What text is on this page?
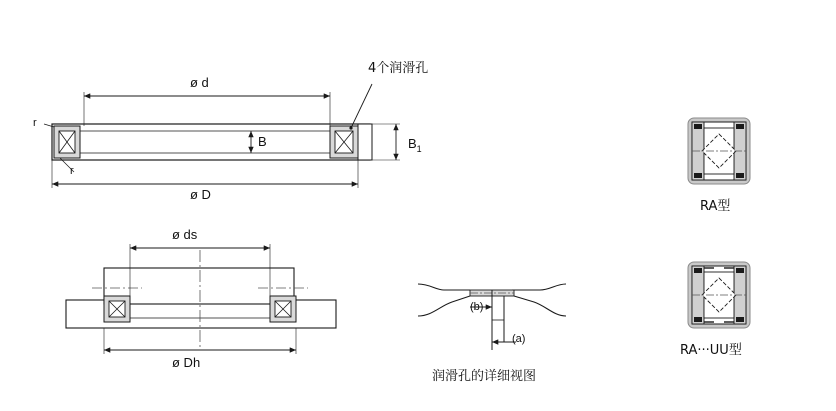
ø d
ø D
B	$B_1$
r
r
4个润滑孔
ø ds
ø Dh
(b)
(a)
润滑孔的详细视图
RA型
RA···UU型
